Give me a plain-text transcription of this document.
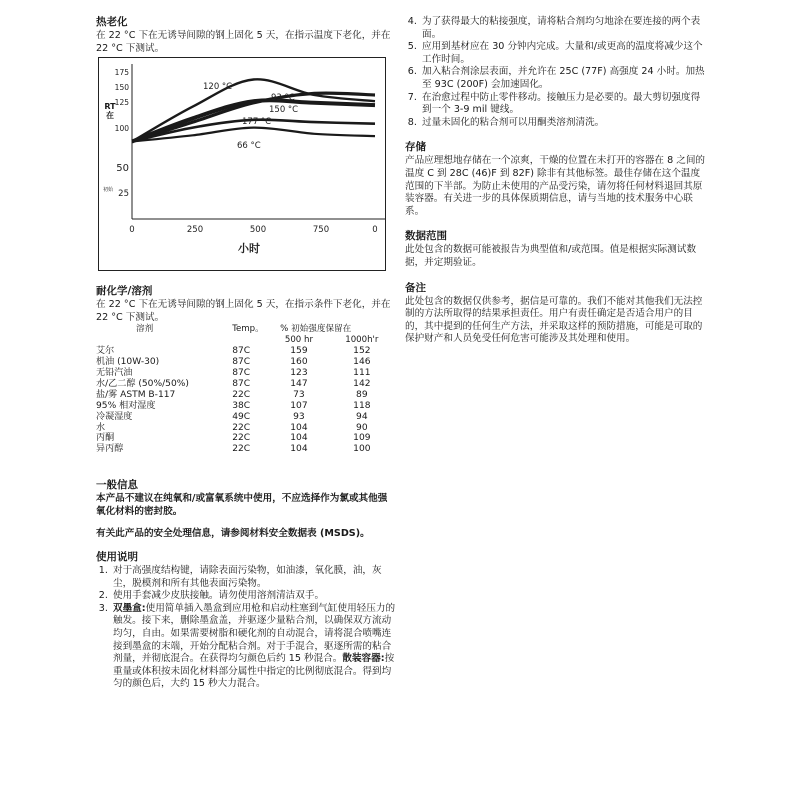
热老化

在 22 °C 下在无诱导间隙的钢上固化 5 天，在指示温度下老化，并在 22 °C 下测试。

RT 在
初始
0	250	500	750	0
小时
175
150
125
100
50
25
120 °C
93 °C
150 °C
177 °C
66 °C
耐化学/溶剂

在 22 °C 下在无诱导间隙的钢上固化 5 天，在指示条件下老化，并在 22 °C 下测试。

溶剂	Temp。	% 初始强度保留在	
		500 hr	1000h'r
艾尔	87C	159	152
机油 (10W-30)	87C	160	146
无铅汽油	87C	123	111
水/乙二醇 (50%/50%)	87C	147	142
盐/雾 ASTM B-117	22C	73	89
95% 相对湿度	38C	107	118
冷凝湿度	49C	93	94
水	22C	104	90
丙酮	22C	104	109
异丙醇	22C	104	100
一般信息

本产品不建议在纯氧和/或富氧系统中使用，不应选择作为氯或其他强氧化材料的密封胶。

有关此产品的安全处理信息，请参阅材料安全数据表 (MSDS)。

使用说明
1. 对于高强度结构键，请除表面污染物，如油漆，氧化膜，油，灰尘，脱模剂和所有其他表面污染物。
2. 使用手套减少皮肤接触。请勿使用溶剂清洁双手。
3. 双墨盒:使用简单插入墨盒到应用枪和启动柱塞到气缸使用轻压力的触发。接下来，删除墨盒盖，并驱逐少量粘合剂，以确保双方流动均匀，自由。如果需要树脂和硬化剂的自动混合，请将混合喷嘴连接到墨盒的末端，开始分配粘合剂。对于手混合，驱逐所需的粘合剂量，并彻底混合。在获得均匀颜色后约 15 秒混合。散装容器:按重量或体积按未固化材料部分属性中指定的比例彻底混合。得到均匀的颜色后，大约 15 秒大力混合。
4. 为了获得最大的粘接强度，请将粘合剂均匀地涂在要连接的两个表面。
5. 应用到基材应在 30 分钟内完成。大量和/或更高的温度将减少这个工作时间。
6. 加入粘合剂涂层表面，并允许在 25C (77F) 高强度 24 小时。加热至 93C (200F) 会加速固化。
7. 在治愈过程中防止零件移动。接触压力是必要的。最大剪切强度得到一个 3-9 mil 键线。
8. 过量未固化的粘合剂可以用酮类溶剂清洗。
存储

产品应理想地存储在一个凉爽，干燥的位置在未打开的容器在 8 之间的温度 C 到 28C (46)F 到 82F) 除非有其他标签。最佳存储在这个温度范围的下半部。为防止未使用的产品受污染，请勿将任何材料退回其原装容器。有关进一步的具体保质期信息，请与当地的技术服务中心联系。

数据范围

此处包含的数据可能被报告为典型值和/或范围。值是根据实际测试数据，并定期验证。

备注

此处包含的数据仅供参考，据信是可靠的。我们不能对其他我们无法控制的方法所取得的结果承担责任。用户有责任确定是否适合用户的目的，其中提到的任何生产方法，并采取这样的预防措施，可能是可取的保护财产和人员免受任何危害可能涉及其处理和使用。
